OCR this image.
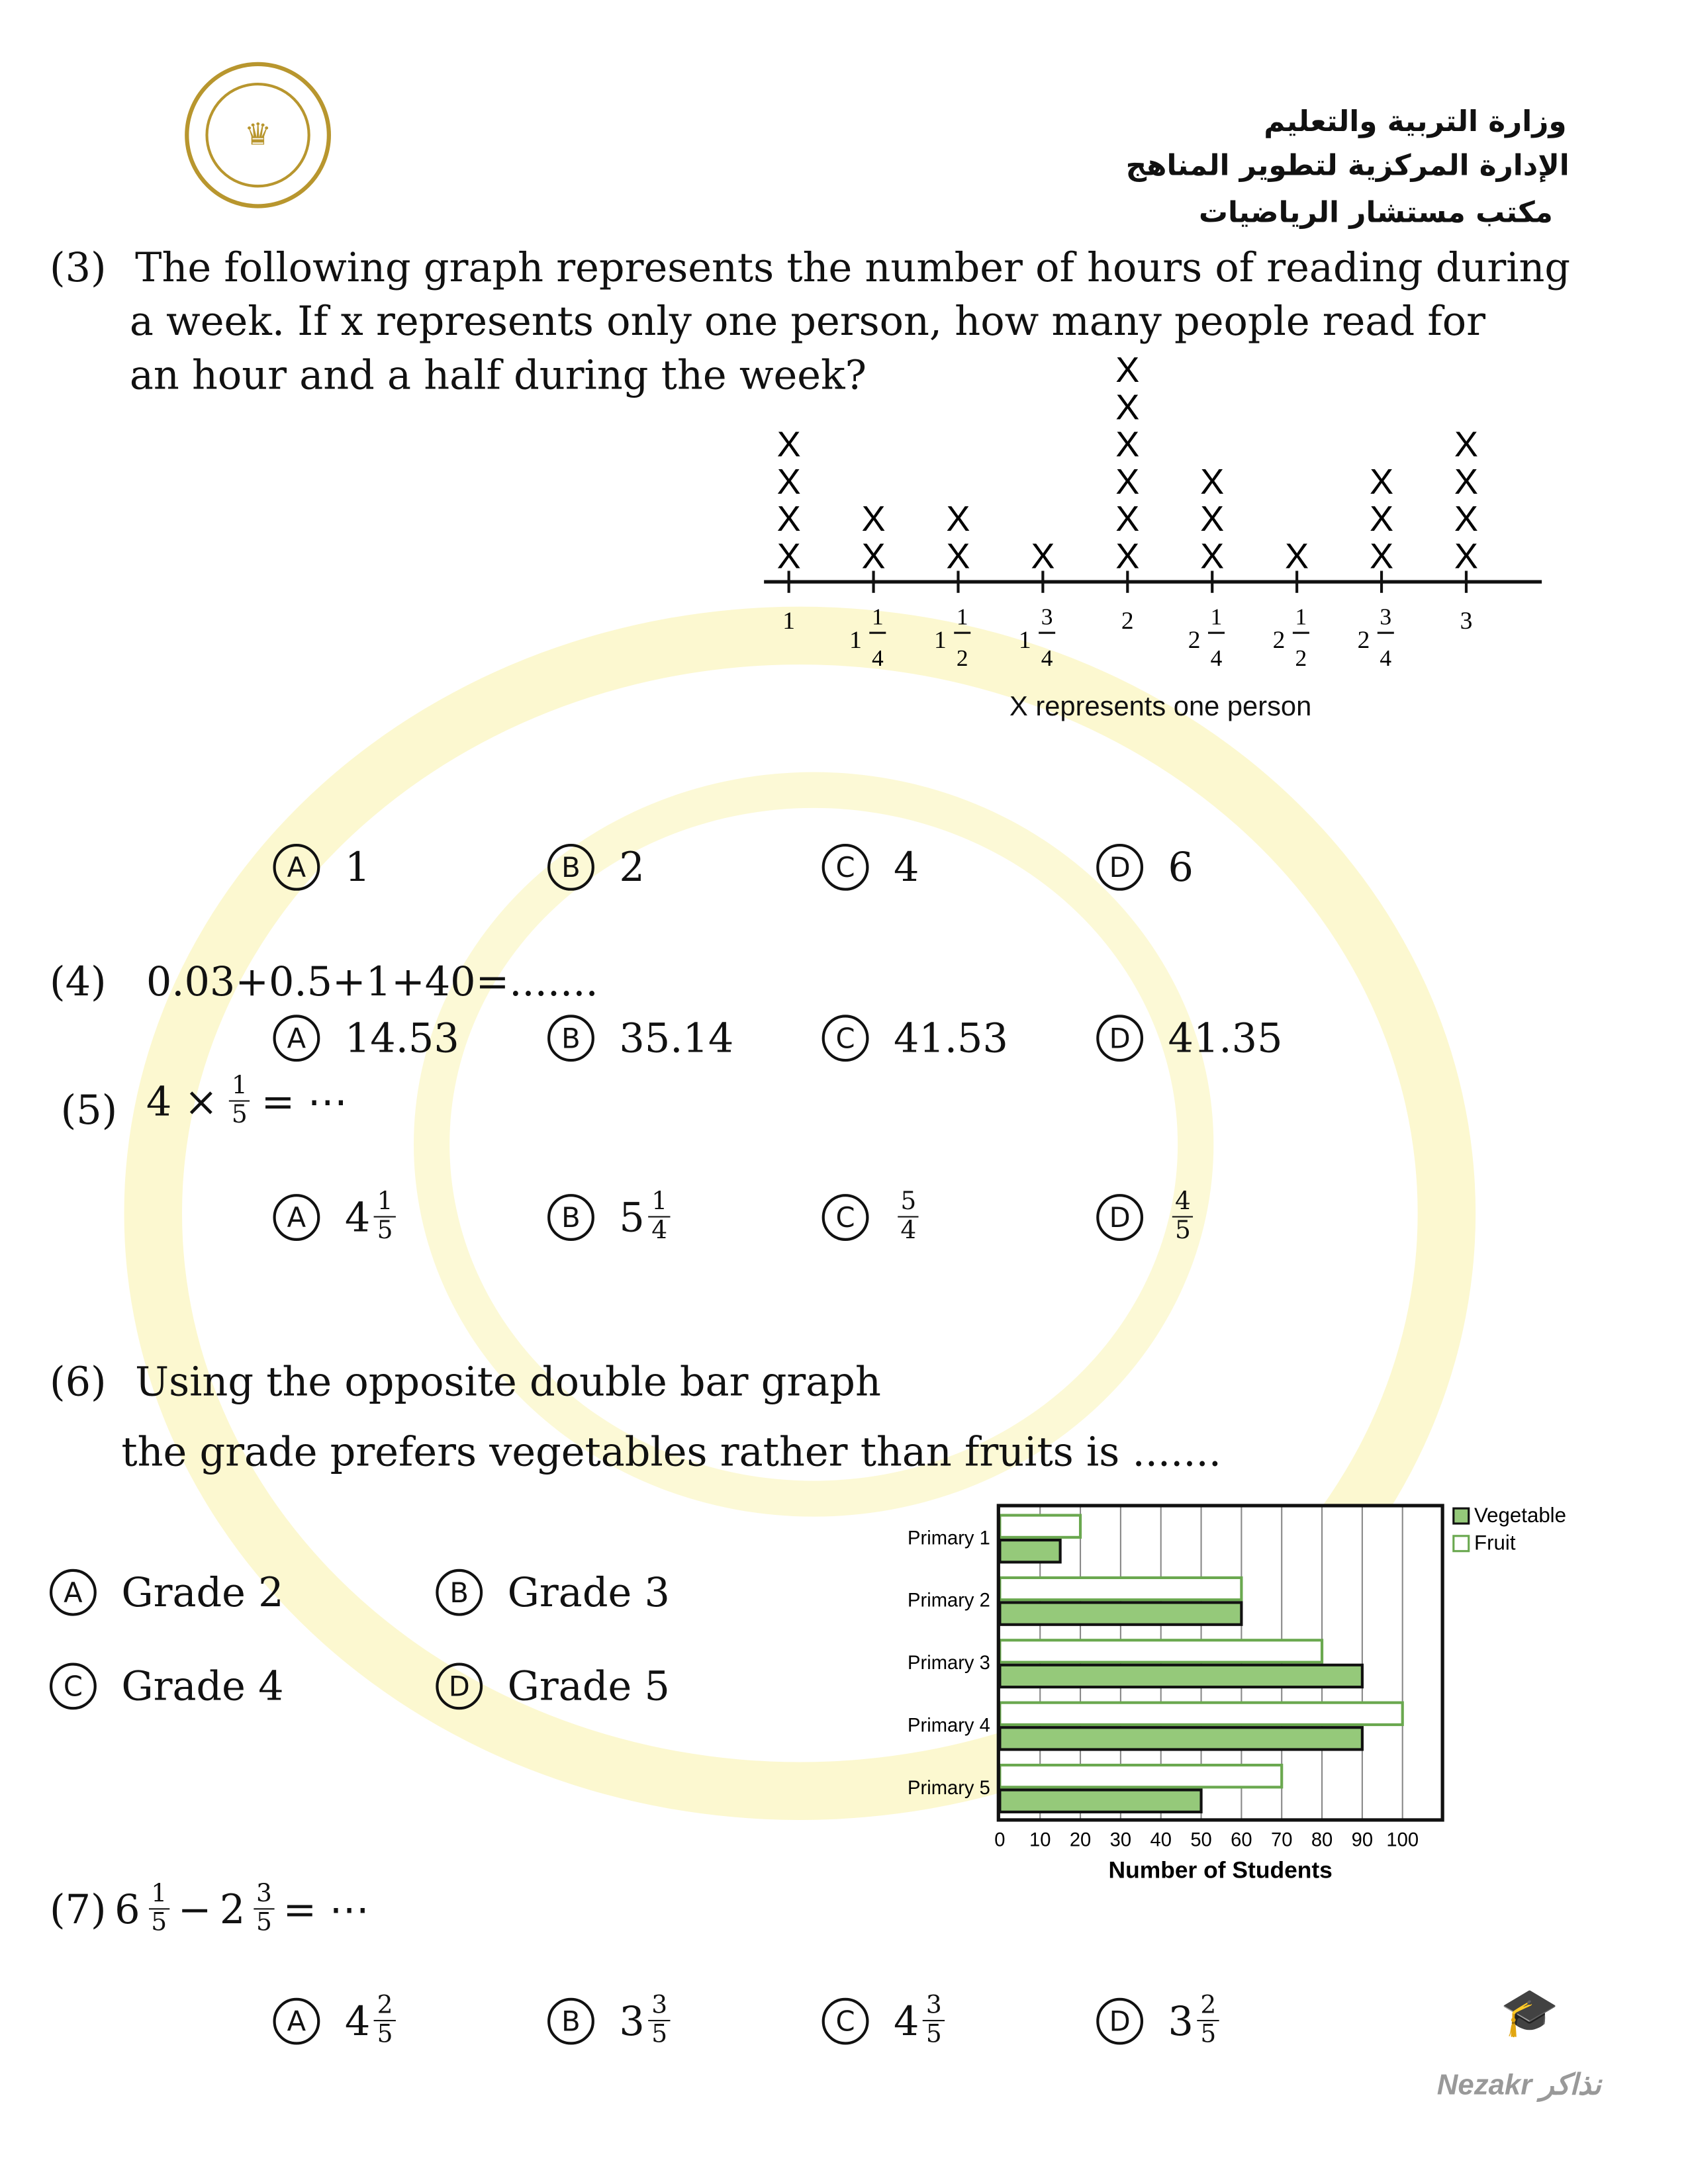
♛	وزارة التربية والتعليم
الإدارة المركزية لتطوير المناهج
مكتب مستشار الرياضيات
(3) The following graph represents the number of hours of reading during
a week. If x represents only one person, how many people read for
an hour and a half during the week?
X
X
X
X
1
X
X
1
1
4
X
X
1
1
2
X
1
3
4
X
X
X
X
X
X
2
X
X
X
2
1
4
X
2
1
2
X
X
X
2
3
4
X
X
X
X
3
X represents one person
(4) 0.03+0.5+1+40=.......
(5) $4 \times \frac{1}{5}$ = ⋯
(6) Using the opposite double bar graph
the grade prefers vegetables rather than fruits is .......
0	10 20 30 40 50 60 70 80 90 100
Primary 1
Primary 2
Primary 3
Primary 4
Primary 5
Number of Students
Vegetable
Fruit
(7) $6 \frac{1}{5} - 2 \frac{3}{5}$ = ⋯
Nezakr نذاكر
🎓
A	1
A	14.53
A	$4 \frac{1}{5}$
A	$4 \frac{2}{5}$
B	2
B	35.14
B	$5 \frac{1}{4}$
B	$3 \frac{3}{5}$
C	4
C	41.53
C	$\frac{5}{4}$
C	$4 \frac{3}{5}$
D	6
D	41.35
D	$\frac{4}{5}$
D	$3 \frac{2}{5}$
A	Grade 2	B	Grade 3
C	Grade 4	D	Grade 5
